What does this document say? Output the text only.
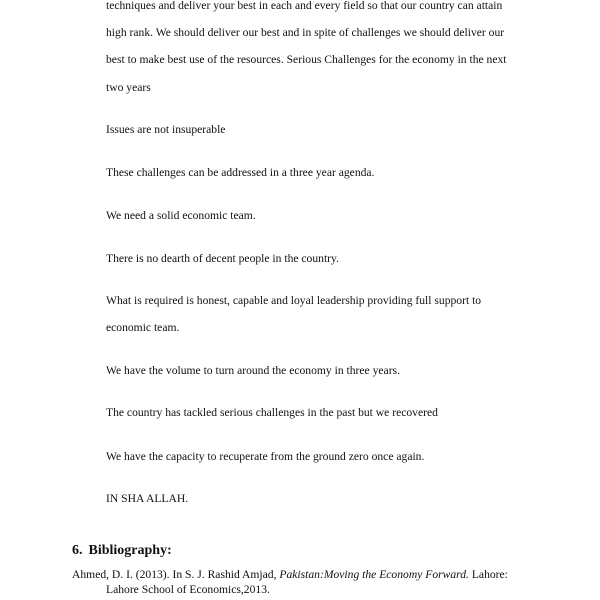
techniques and deliver your best in each and every field so that our country can attain
high rank. We should deliver our best and in spite of challenges we should deliver our
best to make best use of the resources. Serious Challenges for the economy in the next
two years
Issues are not insuperable
These challenges can be addressed in a three year agenda.
We need a solid economic team.
There is no dearth of decent people in the country.
What is required is honest, capable and loyal leadership providing full support to
economic team.
We have the volume to turn around the economy in three years.
The country has tackled serious challenges in the past but we recovered
We have the capacity to recuperate from the ground zero once again.
IN SHA ALLAH.
6. Bibliography:
Ahmed, D. I. (2013). In S. J. Rashid Amjad, Pakistan:Moving the Economy Forward. Lahore:
Lahore School of Economics,2013.
